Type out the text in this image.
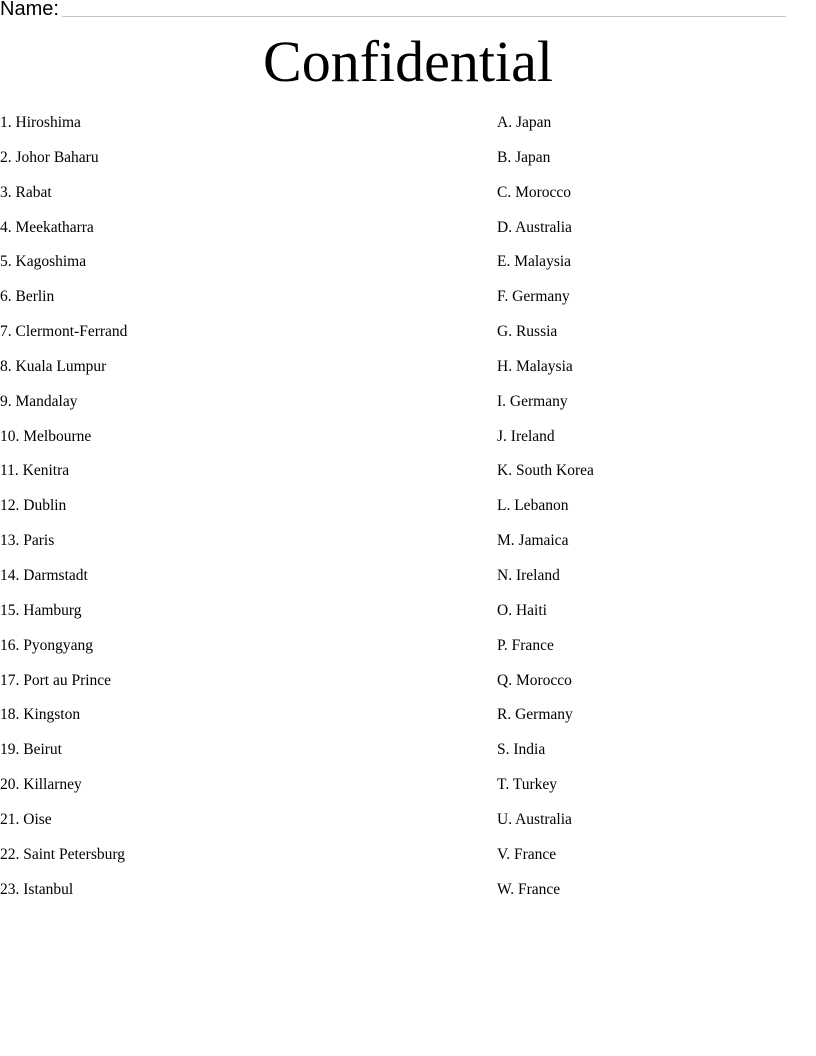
Name:
Confidential
1. Hiroshima
2. Johor Baharu
3. Rabat
4. Meekatharra
5. Kagoshima
6. Berlin
7. Clermont-Ferrand
8. Kuala Lumpur
9. Mandalay
10. Melbourne
11. Kenitra
12. Dublin
13. Paris
14. Darmstadt
15. Hamburg
16. Pyongyang
17. Port au Prince
18. Kingston
19. Beirut
20. Killarney
21. Oise
22. Saint Petersburg
23. Istanbul
A. Japan
B. Japan
C. Morocco
D. Australia
E. Malaysia
F. Germany
G. Russia
H. Malaysia
I. Germany
J. Ireland
K. South Korea
L. Lebanon
M. Jamaica
N. Ireland
O. Haiti
P. France
Q. Morocco
R. Germany
S. India
T. Turkey
U. Australia
V. France
W. France
